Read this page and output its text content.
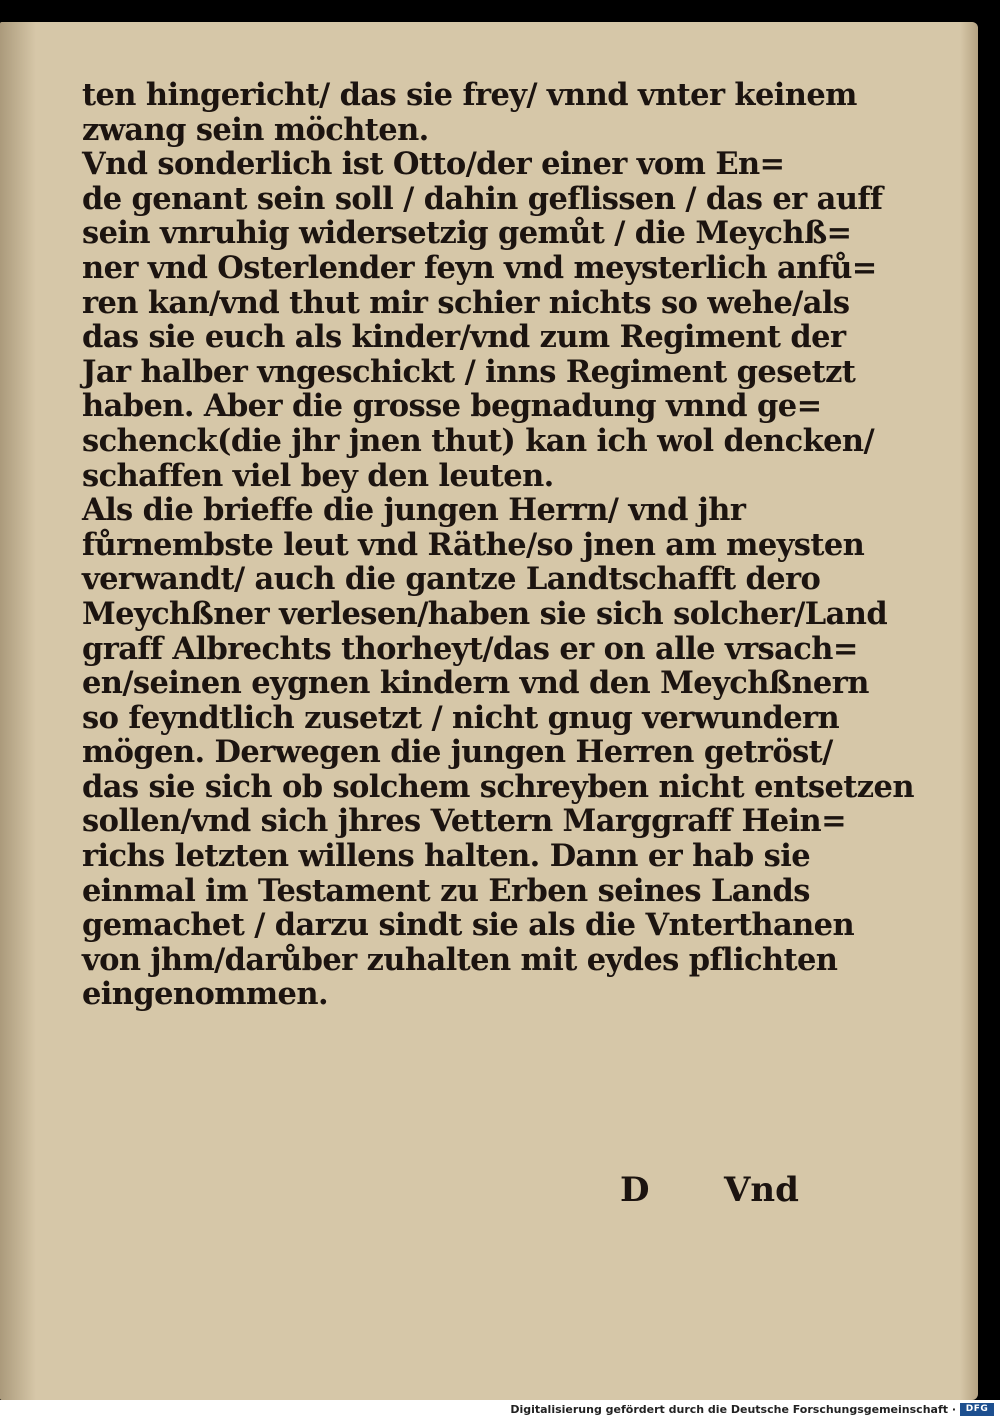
ten hingericht/ das sie frey/ vnnd vnter keinem
zwang sein möchten.
Vnd sonderlich ist Otto/der einer vom En=
de genant sein soll / dahin geflissen / das er auff
sein vnruhig widersetzig gemůt / die Meychß=
ner vnd Osterlender feyn vnd meysterlich anfů=
ren kan/vnd thut mir schier nichts so wehe/als
das sie euch als kinder/vnd zum Regiment der
Jar halber vngeschickt / inns Regiment gesetzt
haben. Aber die grosse begnadung vnnd ge=
schenck(die jhr jnen thut) kan ich wol dencken/
schaffen viel bey den leuten.
Als die brieffe die jungen Herrn/ vnd jhr
fůrnembste leut vnd Räthe/so jnen am meysten
verwandt/ auch die gantze Landtschafft dero
Meychßner verlesen/haben sie sich solcher/Land
graff Albrechts thorheyt/das er on alle vrsach=
en/seinen eygnen kindern vnd den Meychßnern
so feyndtlich zusetzt / nicht gnug verwundern
mögen. Derwegen die jungen Herren getröst/
das sie sich ob solchem schreyben nicht entsetzen
sollen/vnd sich jhres Vettern Marggraff Hein=
richs letzten willens halten. Dann er hab sie
einmal im Testament zu Erben seines Lands
gemachet / darzu sindt sie als die Vnterthanen
von jhm/darůber zuhalten mit eydes pflichten
eingenommen.
D Vnd
Digitalisierung gefördert durch die Deutsche Forschungsgemeinschaft ·	DFG
